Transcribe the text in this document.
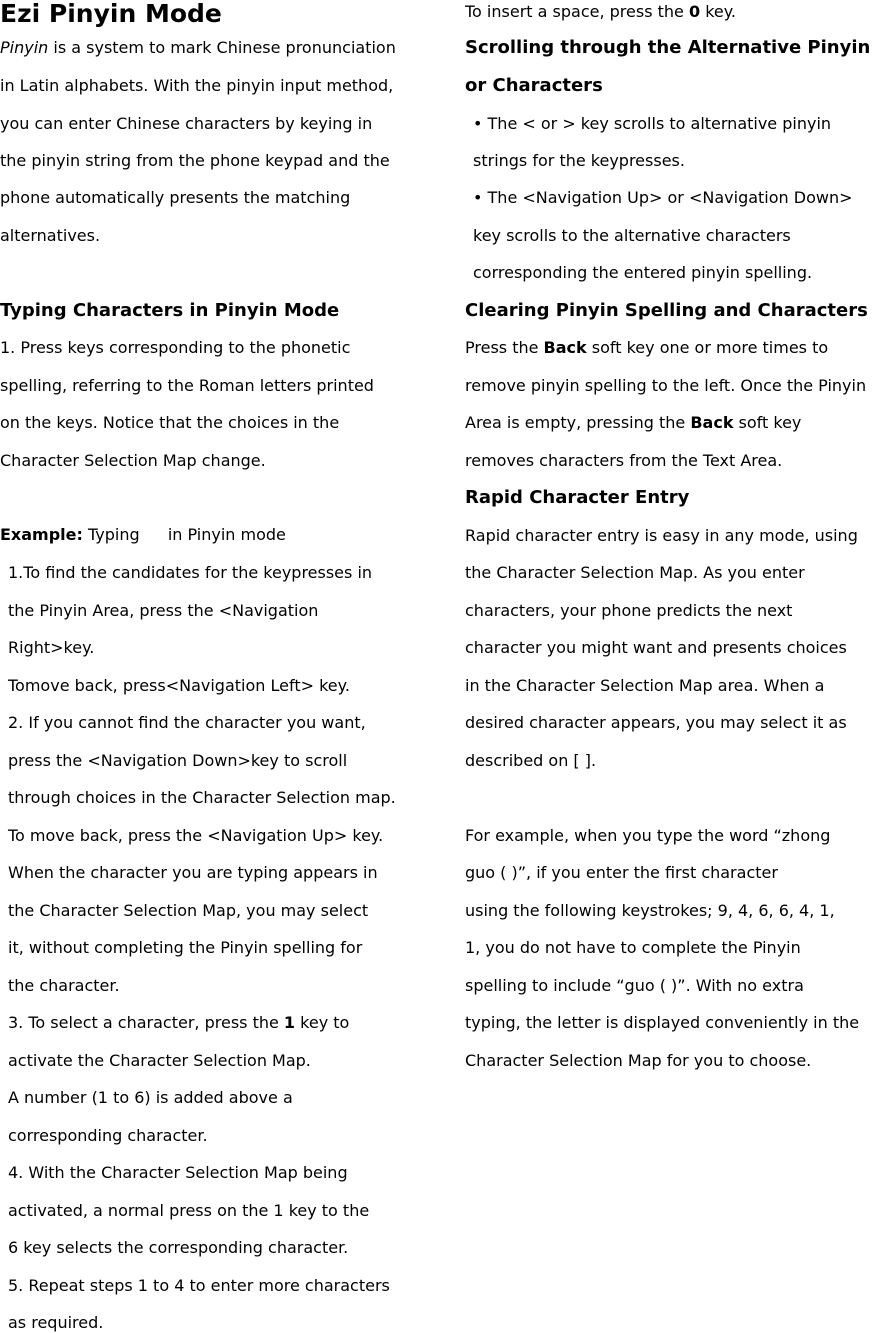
Ezi Pinyin Mode
Pinyin is a system to mark Chinese pronunciation
in Latin alphabets. With the pinyin input method,
you can enter Chinese characters by keying in
the pinyin string from the phone keypad and the
phone automatically presents the matching
alternatives.
Typing Characters in Pinyin Mode
1. Press keys corresponding to the phonetic
spelling, referring to the Roman letters printed
on the keys. Notice that the choices in the
Character Selection Map change.
Example: Typing  in Pinyin mode
1.To find the candidates for the keypresses in
the Pinyin Area, press the <Navigation
Right>key.
Tomove back, press<Navigation Left> key.
2. If you cannot find the character you want,
press the <Navigation Down>key to scroll
through choices in the Character Selection map.
To move back, press the <Navigation Up> key.
When the character you are typing appears in
the Character Selection Map, you may select
it, without completing the Pinyin spelling for
the character.
3. To select a character, press the 1 key to
activate the Character Selection Map.
A number (1 to 6) is added above a
corresponding character.
4. With the Character Selection Map being
activated, a normal press on the 1 key to the
6 key selects the corresponding character.
5. Repeat steps 1 to 4 to enter more characters
as required.
To insert a space, press the 0 key.
Scrolling through the Alternative Pinyin
or Characters
• The < or > key scrolls to alternative pinyin
strings for the keypresses.
• The <Navigation Up> or <Navigation Down>
key scrolls to the alternative characters
corresponding the entered pinyin spelling.
Clearing Pinyin Spelling and Characters
Press the Back soft key one or more times to
remove pinyin spelling to the left. Once the Pinyin
Area is empty, pressing the Back soft key
removes characters from the Text Area.
Rapid Character Entry
Rapid character entry is easy in any mode, using
the Character Selection Map. As you enter
characters, your phone predicts the next
character you might want and presents choices
in the Character Selection Map area. When a
desired character appears, you may select it as
described on [ ].
For example, when you type the word “zhong
guo ( )”, if you enter the first character
using the following keystrokes; 9, 4, 6, 6, 4, 1,
1, you do not have to complete the Pinyin
spelling to include “guo ( )”. With no extra
typing, the letter is displayed conveniently in the
Character Selection Map for you to choose.
